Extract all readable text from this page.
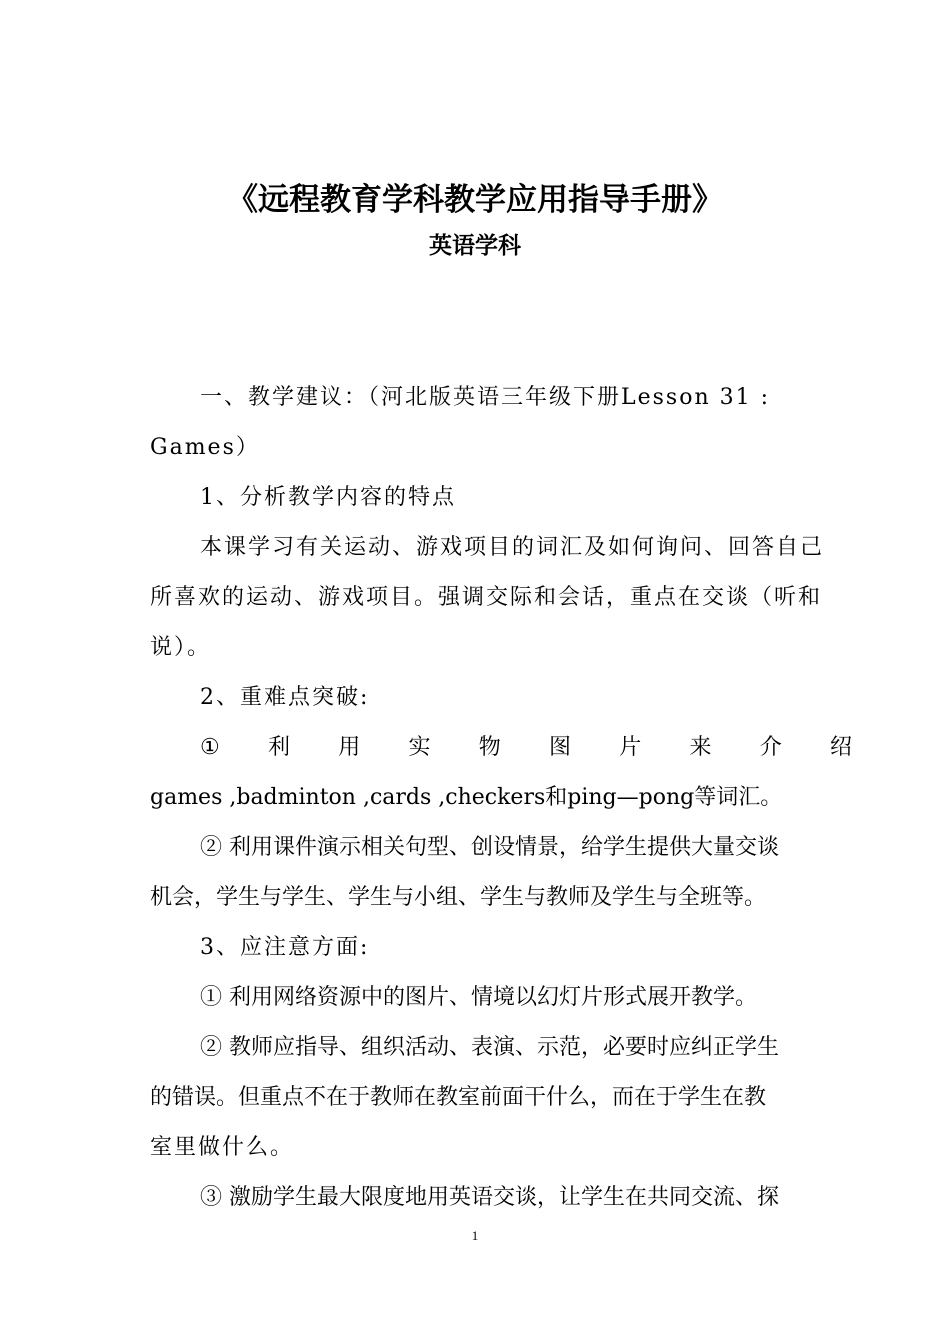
《远程教育学科教学应用指导手册》
英语学科
一、教学建议：（河北版英语三年级下册Lesson 31 :
Games）
1、分析教学内容的特点
本课学习有关运动、游戏项目的词汇及如何询问、回答自己
所喜欢的运动、游戏项目。强调交际和会话，重点在交谈（听和
说）。
2、重难点突破:
① 利 用 实 物 图 片 来 介 绍
games ,badminton ,cards ,checkers和ping—pong等词汇。
② 利用课件演示相关句型、创设情景，给学生提供大量交谈
机会，学生与学生、学生与小组、学生与教师及学生与全班等。
3、应注意方面:
① 利用网络资源中的图片、情境以幻灯片形式展开教学。
② 教师应指导、组织活动、表演、示范，必要时应纠正学生
的错误。但重点不在于教师在教室前面干什么，而在于学生在教
室里做什么。
③ 激励学生最大限度地用英语交谈，让学生在共同交流、探
1
